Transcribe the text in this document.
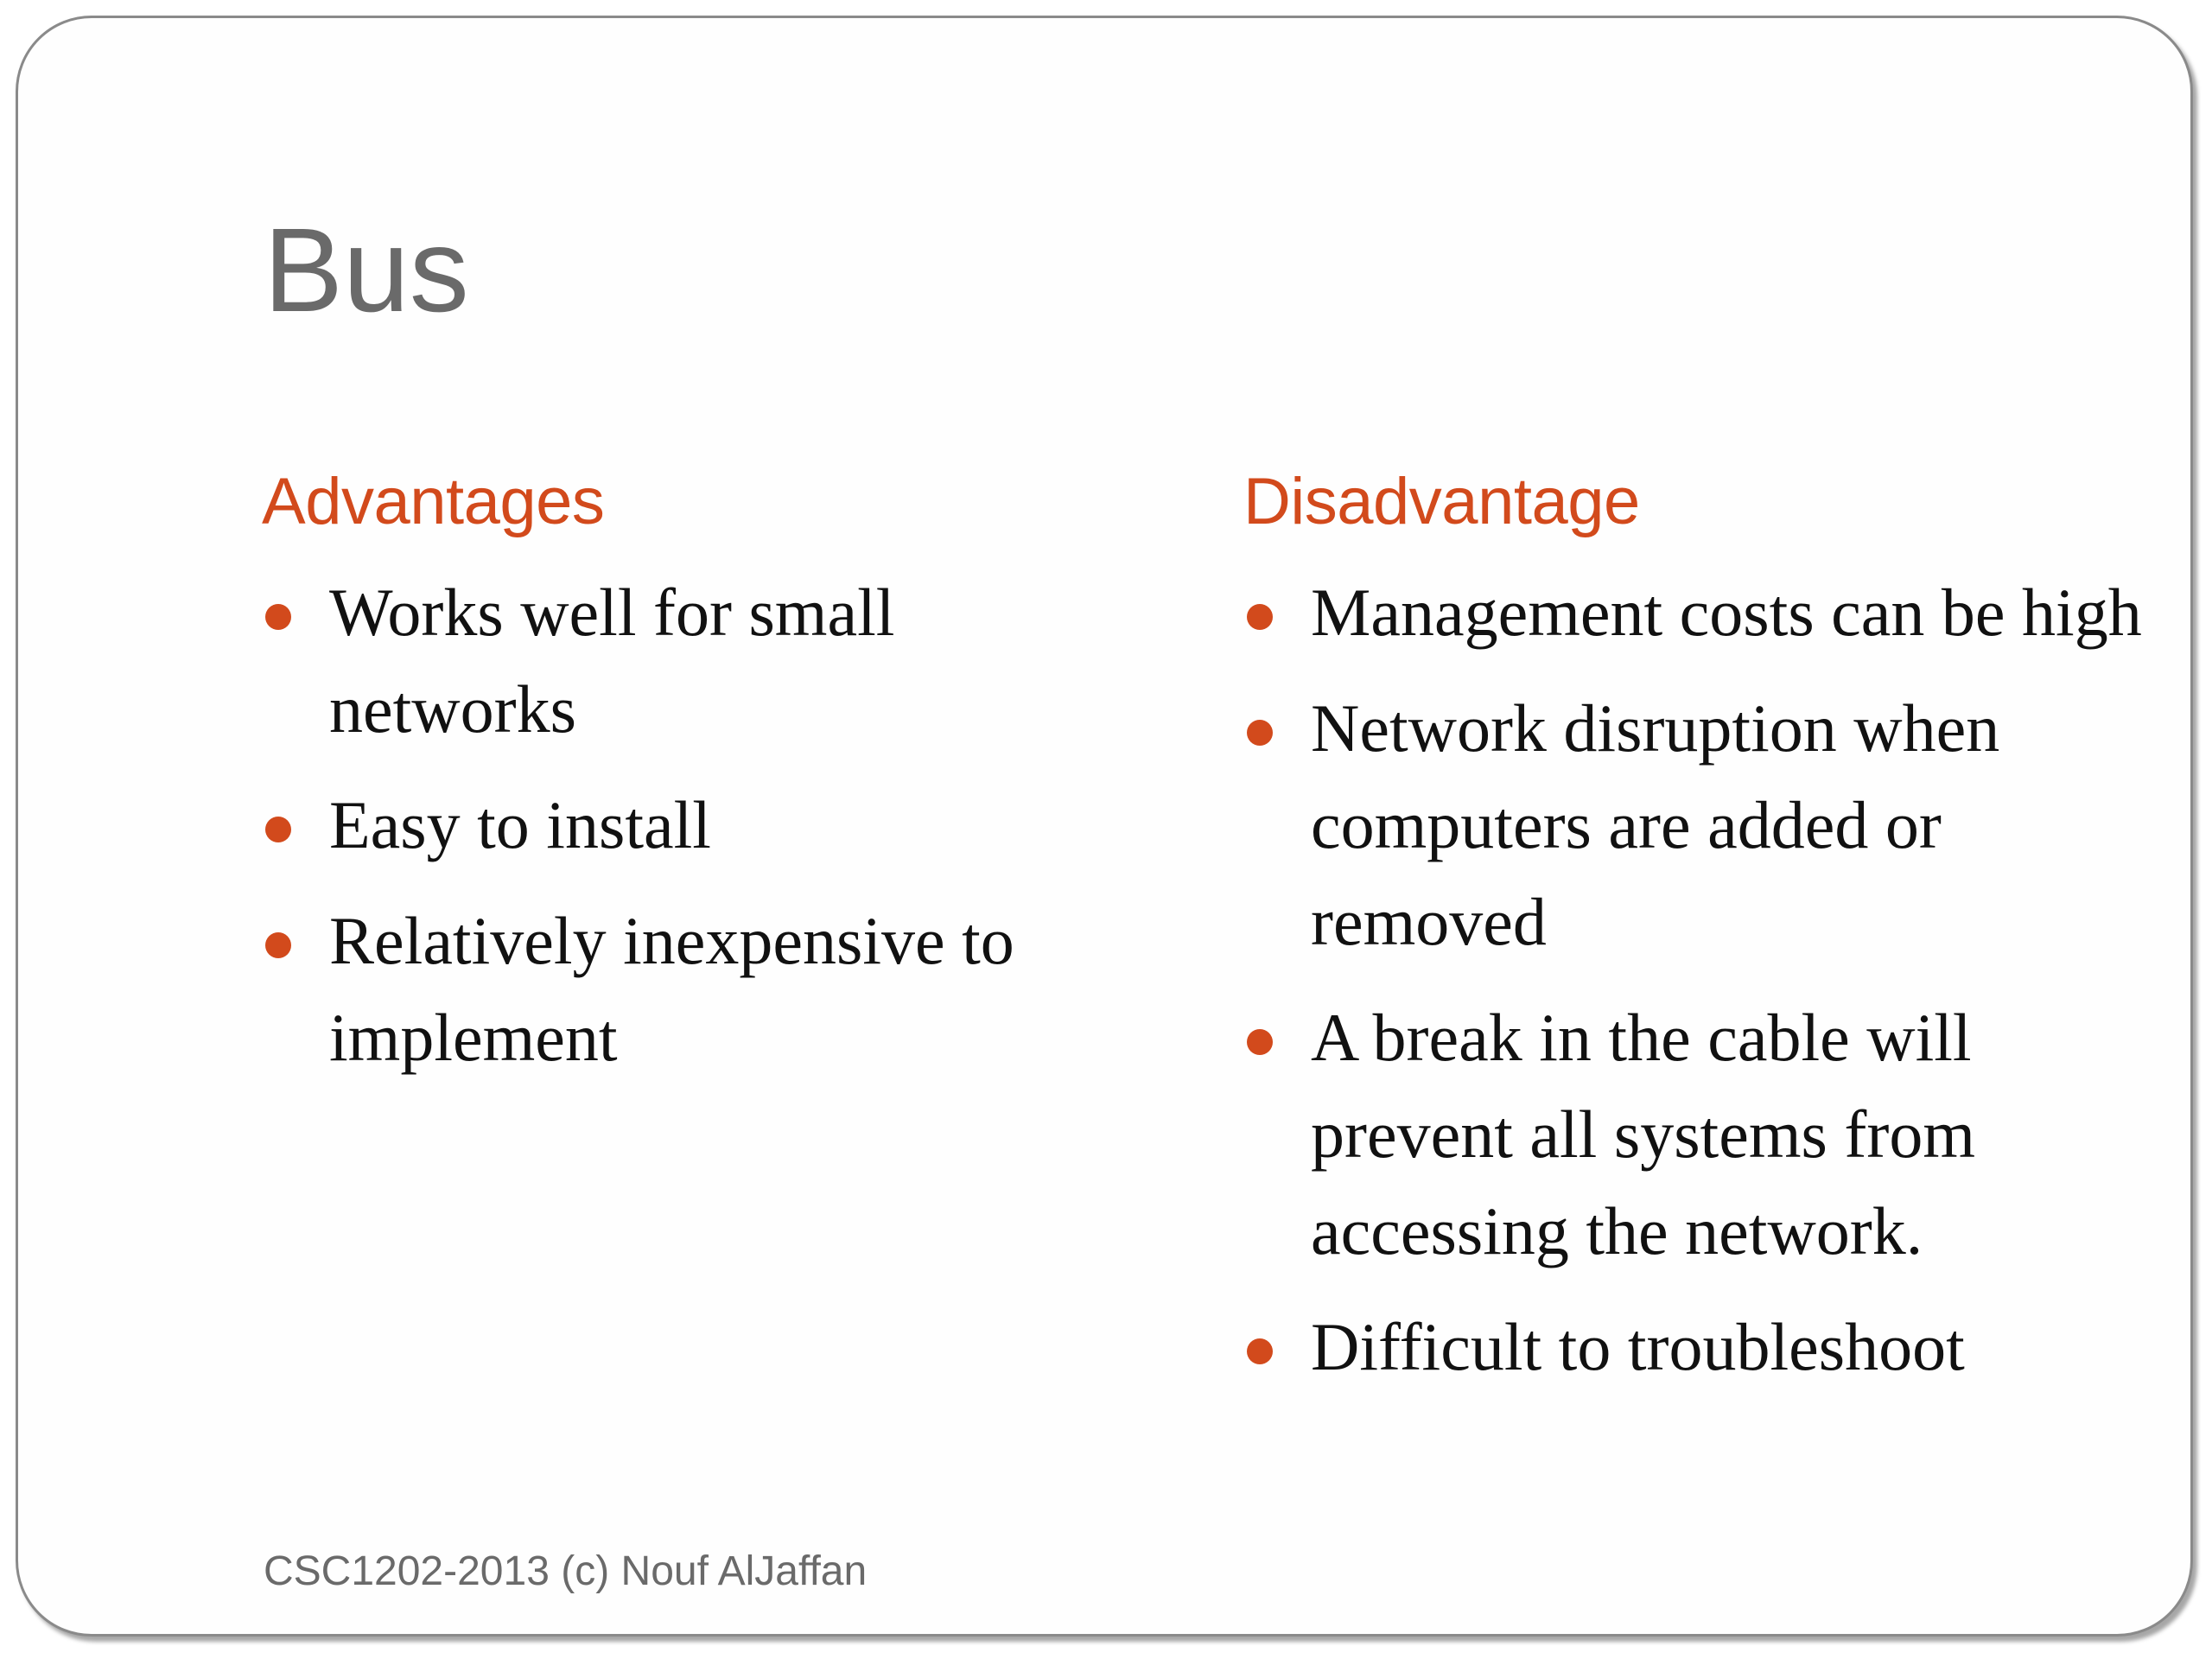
Bus
Advantages
Works well for small networks
Easy to install
Relatively inexpensive to implement
Disadvantage
Management costs can be high
Network disruption when computers are added or removed
A break in the cable will prevent all systems from accessing the network.
Difficult to troubleshoot
CSC1202-2013 (c) Nouf AlJaffan
